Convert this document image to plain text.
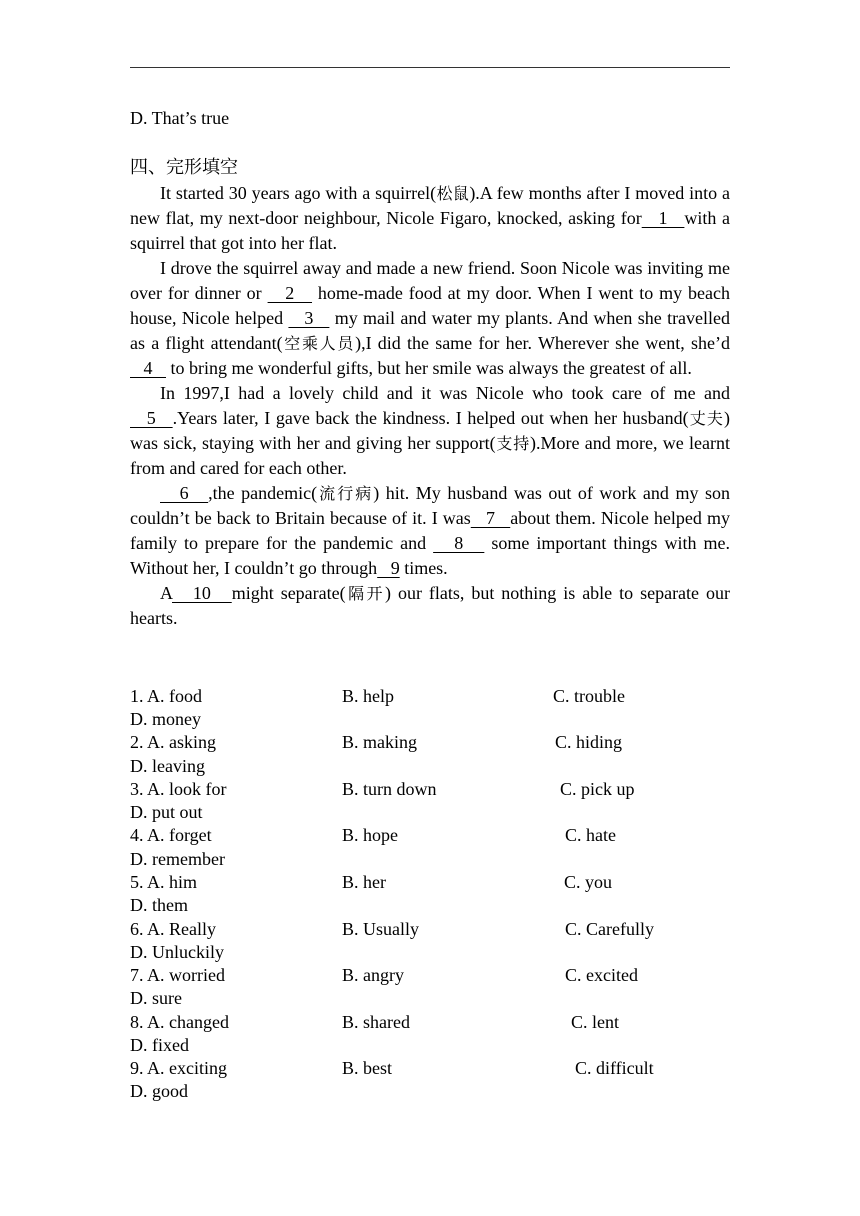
D. That’s true
四、完形填空

It started 30 years ago with a squirrel(松鼠).A few months after I moved into a new flat, my next-door neighbour, Nicole Figaro, knocked, asking for   1   with a squirrel that got into her flat.

I drove the squirrel away and made a new friend. Soon Nicole was inviting me over for dinner or    2    home-made food at my door. When I went to my beach house, Nicole helped    3    my mail and water my plants. And when she travelled as a flight attendant(空乘人员),I did the same for her. Wherever she went, she’d    4    to bring me wonderful gifts, but her smile was always the greatest of all.

In 1997,I had a lovely child and it was Nicole who took care of me and    5   .Years later, I gave back the kindness. I helped out when her husband(丈夫) was sick, staying with her and giving her support(支持).More and more, we learnt from and cared for each other.

6   ,the pandemic(流行病) hit. My husband was out of work and my son couldn’t be back to Britain because of it. I was   7   about them. Nicole helped my family to prepare for the pandemic and    8    some important things with me. Without her, I couldn’t go through   9 times.

A   10   might separate(隔开) our flats, but nothing is able to separate our hearts.

1. A. food	B. help	C. trouble
D. money
2. A. asking	B. making	C. hiding
D. leaving
3. A. look for	B. turn down	C. pick up
D. put out
4. A. forget	B. hope	C. hate
D. remember
5. A. him	B. her	C. you
D. them
6. A. Really	B. Usually	C. Carefully
D. Unluckily
7. A. worried	B. angry	C. excited
D. sure
8. A. changed	B. shared	C. lent
D. fixed
9. A. exciting	B. best	C. difficult
D. good
